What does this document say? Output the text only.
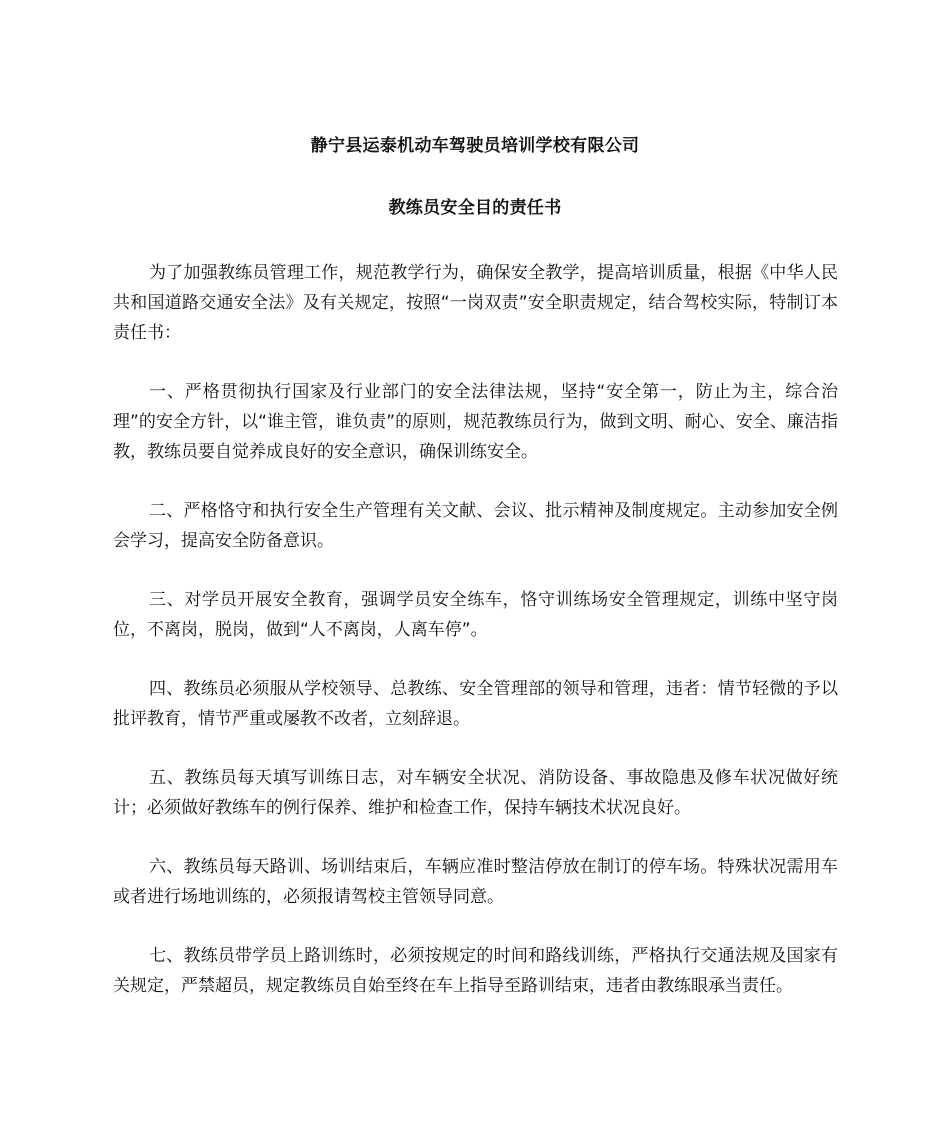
静宁县运泰机动车驾驶员培训学校有限公司
教练员安全目的责任书

为了加强教练员管理工作，规范教学行为，确保安全教学，提高培训质量，根据《中华人民共和国道路交通安全法》及有关规定，按照“一岗双责”安全职责规定，结合驾校实际，特制订本责任书：

一、严格贯彻执行国家及行业部门的安全法律法规，坚持“安全第一，防止为主，综合治理”的安全方针，以“谁主管，谁负责”的原则，规范教练员行为，做到文明、耐心、安全、廉洁指教，教练员要自觉养成良好的安全意识，确保训练安全。

二、严格恪守和执行安全生产管理有关文献、会议、批示精神及制度规定。主动参加安全例会学习，提高安全防备意识。

三、对学员开展安全教育，强调学员安全练车，恪守训练场安全管理规定，训练中坚守岗位，不离岗，脱岗，做到“人不离岗，人离车停”。

四、教练员必须服从学校领导、总教练、安全管理部的领导和管理，违者：情节轻微的予以批评教育，情节严重或屡教不改者，立刻辞退。

五、教练员每天填写训练日志，对车辆安全状况、消防设备、事故隐患及修车状况做好统计；必须做好教练车的例行保养、维护和检查工作，保持车辆技术状况良好。

六、教练员每天路训、场训结束后，车辆应准时整洁停放在制订的停车场。特殊状况需用车或者进行场地训练的，必须报请驾校主管领导同意。

七、教练员带学员上路训练时，必须按规定的时间和路线训练，严格执行交通法规及国家有关规定，严禁超员，规定教练员自始至终在车上指导至路训结束，违者由教练眼承当责任。
